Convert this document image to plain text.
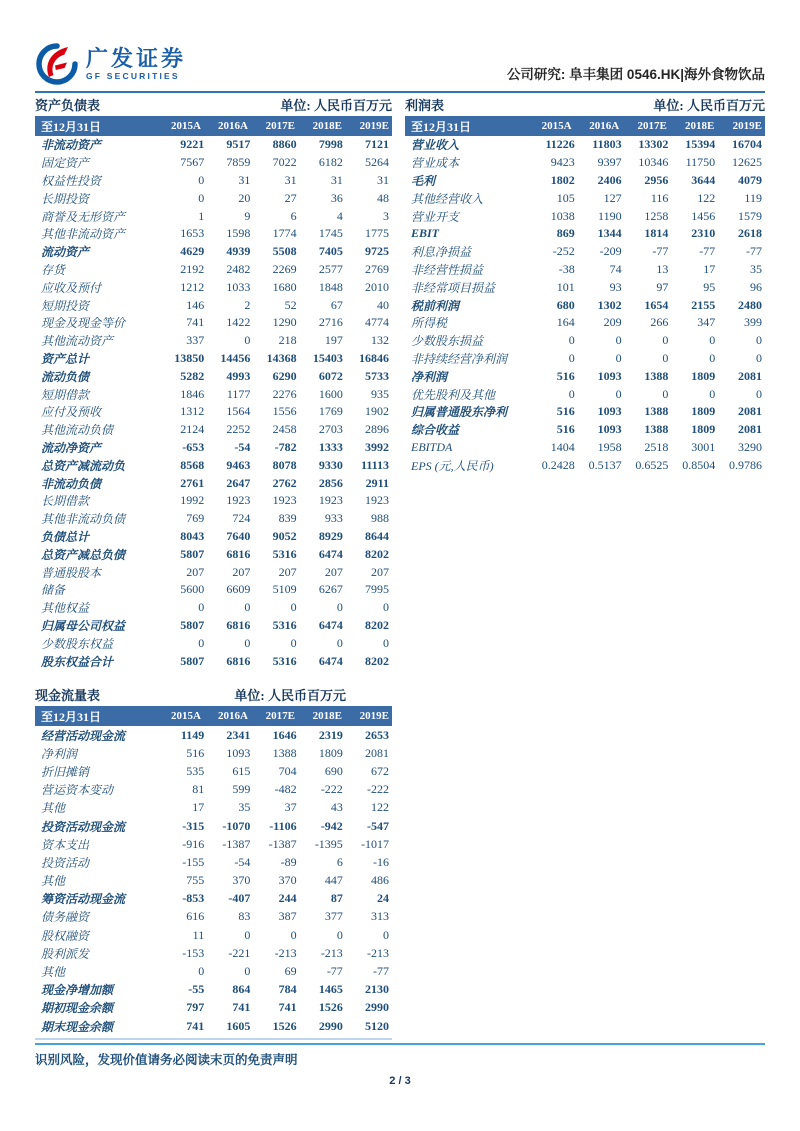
广发证券
GF SECURITIES	公司研究: 阜丰集团 0546.HK|海外食物饮品
资产负债表	单位: 人民币百万元
至12月31日	2015A	2016A	2017E	2018E	2019E
非流动资产	9221	9517	8860	7998	7121
固定资产	7567	7859	7022	6182	5264
权益性投资	0	31	31	31	31
长期投资	0	20	27	36	48
商誉及无形资产	1	9	6	4	3
其他非流动资产	1653	1598	1774	1745	1775
流动资产	4629	4939	5508	7405	9725
存货	2192	2482	2269	2577	2769
应收及预付	1212	1033	1680	1848	2010
短期投资	146	2	52	67	40
现金及现金等价	741	1422	1290	2716	4774
其他流动资产	337	0	218	197	132
资产总计	13850	14456	14368	15403	16846
流动负债	5282	4993	6290	6072	5733
短期借款	1846	1177	2276	1600	935
应付及预收	1312	1564	1556	1769	1902
其他流动负债	2124	2252	2458	2703	2896
流动净资产	-653	-54	-782	1333	3992
总资产减流动负	8568	9463	8078	9330	11113
非流动负债	2761	2647	2762	2856	2911
长期借款	1992	1923	1923	1923	1923
其他非流动负债	769	724	839	933	988
负债总计	8043	7640	9052	8929	8644
总资产减总负债	5807	6816	5316	6474	8202
普通股股本	207	207	207	207	207
储备	5600	6609	5109	6267	7995
其他权益	0	0	0	0	0
归属母公司权益	5807	6816	5316	6474	8202
少数股东权益	0	0	0	0	0
股东权益合计	5807	6816	5316	6474	8202
利润表	单位: 人民币百万元
至12月31日	2015A	2016A	2017E	2018E	2019E
营业收入	11226	11803	13302	15394	16704
营业成本	9423	9397	10346	11750	12625
毛利	1802	2406	2956	3644	4079
其他经营收入	105	127	116	122	119
营业开支	1038	1190	1258	1456	1579
EBIT	869	1344	1814	2310	2618
利息净损益	-252	-209	-77	-77	-77
非经营性损益	-38	74	13	17	35
非经常项目损益	101	93	97	95	96
税前利润	680	1302	1654	2155	2480
所得税	164	209	266	347	399
少数股东损益	0	0	0	0	0
非持续经营净利润	0	0	0	0	0
净利润	516	1093	1388	1809	2081
优先股利及其他	0	0	0	0	0
归属普通股东净利	516	1093	1388	1809	2081
综合收益	516	1093	1388	1809	2081
EBITDA	1404	1958	2518	3001	3290
EPS (元,人民币)	0.2428	0.5137	0.6525	0.8504	0.9786
现金流量表	单位: 人民币百万元
至12月31日	2015A	2016A	2017E	2018E	2019E
经营活动现金流	1149	2341	1646	2319	2653
净利润	516	1093	1388	1809	2081
折旧摊销	535	615	704	690	672
营运资本变动	81	599	-482	-222	-222
其他	17	35	37	43	122
投资活动现金流	-315	-1070	-1106	-942	-547
资本支出	-916	-1387	-1387	-1395	-1017
投资活动	-155	-54	-89	6	-16
其他	755	370	370	447	486
筹资活动现金流	-853	-407	244	87	24
债务融资	616	83	387	377	313
股权融资	11	0	0	0	0
股利派发	-153	-221	-213	-213	-213
其他	0	0	69	-77	-77
现金净增加额	-55	864	784	1465	2130
期初现金余额	797	741	741	1526	2990
期末现金余额	741	1605	1526	2990	5120
识别风险，发现价值请务必阅读末页的免责声明
2 / 3
